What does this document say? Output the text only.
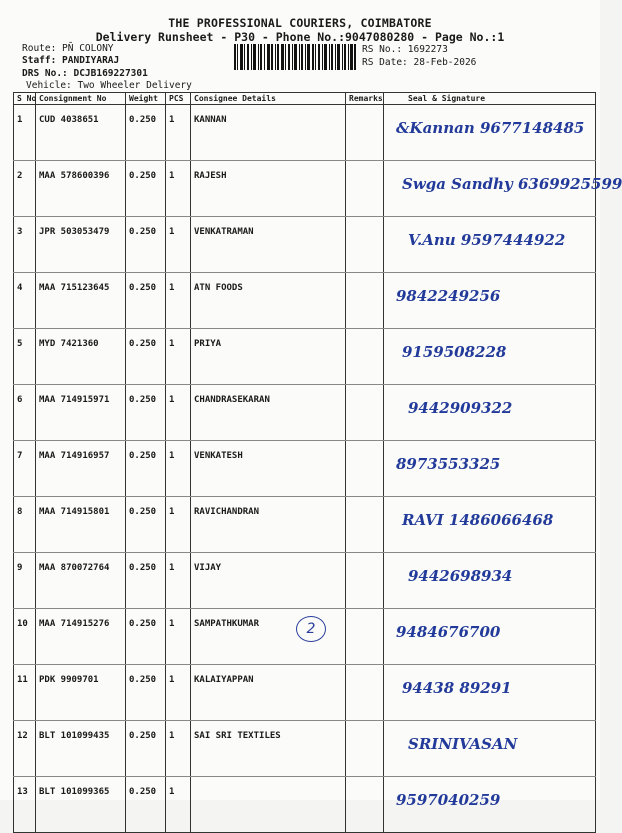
THE PROFESSIONAL COURIERS, COIMBATORE
Delivery Runsheet - P30 - Phone No.:9047080280 - Page No.:1
Route: PN̄ COLONY
Staff: PANDIYARAJ
DRS No.: DCJB169227301
Vehicle: Two Wheeler Delivery
RS No.: 1692273
RS Date: 28-Feb-2026
S No	Consignment No	Weight	PCS	Consignee Details	Remarks	Seal & Signature
1	CUD 4038651	0.250	1	KANNAN		&Kannan 9677148485
2	MAA 578600396	0.250	1	RAJESH		Swga Sandhy 6369925599
3	JPR 503053479	0.250	1	VENKATRAMAN		V.Anu 9597444922
4	MAA 715123645	0.250	1	ATN FOODS		9842249256
5	MYD 7421360	0.250	1	PRIYA		9159508228
6	MAA 714915971	0.250	1	CHANDRASEKARAN		9442909322
7	MAA 714916957	0.250	1	VENKATESH		8973553325
8	MAA 714915801	0.250	1	RAVICHANDRAN		RAVI 1486066468
9	MAA 870072764	0.250	1	VIJAY		9442698934
10	MAA 714915276	0.250	1	SAMPATHKUMAR		9484676700
11	PDK 9909701	0.250	1	KALAIYAPPAN		94438 89291
12	BLT 101099435	0.250	1	SAI SRI TEXTILES		SRINIVASAN
13	BLT 101099365	0.250	1			9597040259
2
